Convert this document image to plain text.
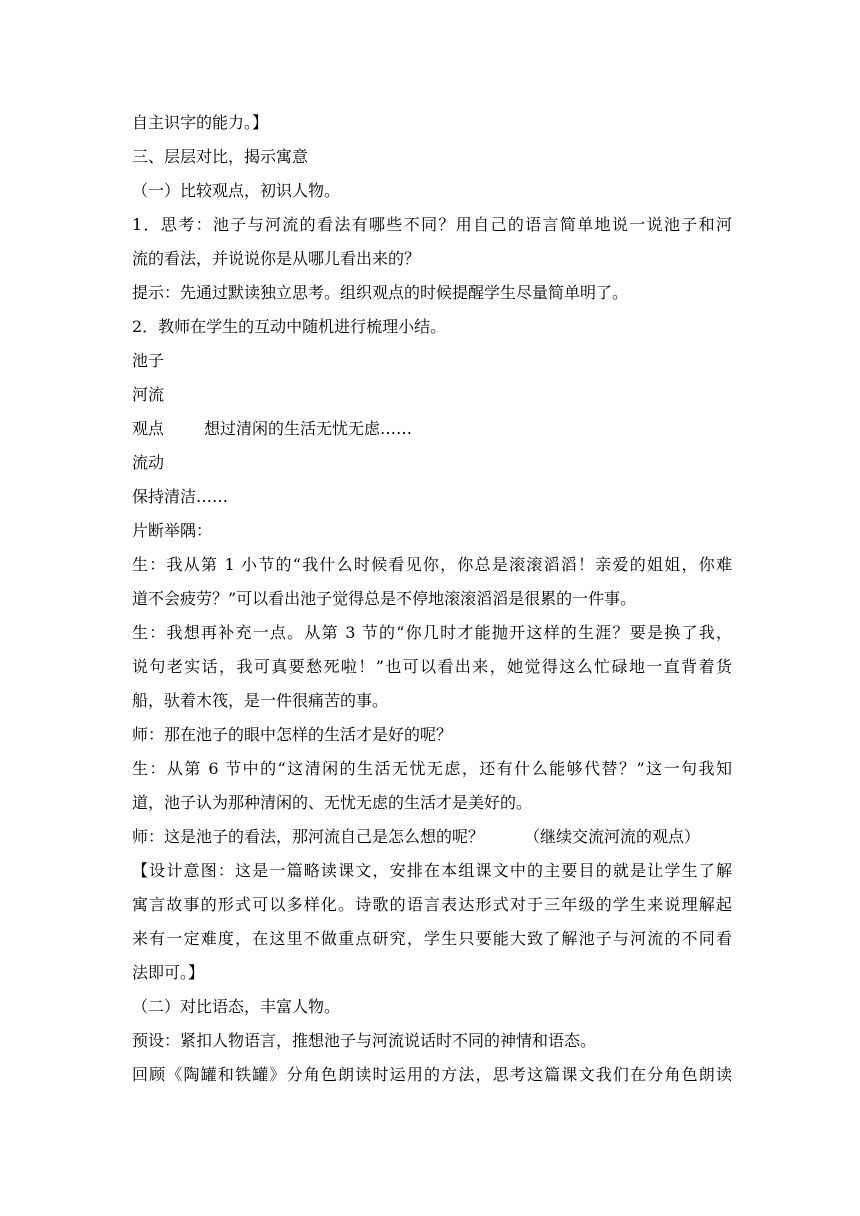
自主识字的能力。】
三、层层对比，揭示寓意
（一）比较观点，初识人物。
1．思考：池子与河流的看法有哪些不同？用自己的语言简单地说一说池子和河
流的看法，并说说你是从哪儿看出来的？
提示：先通过默读独立思考。组织观点的时候提醒学生尽量简单明了。
2．教师在学生的互动中随机进行梳理小结。
池子
河流
观点	想过清闲的生活无忧无虑……
流动
保持清洁……
片断举隅：
生：我从第 1 小节的“我什么时候看见你，你总是滚滚滔滔！亲爱的姐姐，你难
道不会疲劳？”可以看出池子觉得总是不停地滚滚滔滔是很累的一件事。
生：我想再补充一点。从第 3 节的“你几时才能抛开这样的生涯？要是换了我，
说句老实话，我可真要愁死啦！”也可以看出来，她觉得这么忙碌地一直背着货
船，驮着木筏，是一件很痛苦的事。
师：那在池子的眼中怎样的生活才是好的呢？
生：从第 6 节中的“这清闲的生活无忧无虑，还有什么能够代替？”这一句我知
道，池子认为那种清闲的、无忧无虑的生活才是美好的。
师：这是池子的看法，那河流自己是怎么想的呢？	（继续交流河流的观点）
【设计意图：这是一篇略读课文，安排在本组课文中的主要目的就是让学生了解
寓言故事的形式可以多样化。诗歌的语言表达形式对于三年级的学生来说理解起
来有一定难度，在这里不做重点研究，学生只要能大致了解池子与河流的不同看
法即可。】
（二）对比语态，丰富人物。
预设：紧扣人物语言，推想池子与河流说话时不同的神情和语态。
回顾《陶罐和铁罐》分角色朗读时运用的方法，思考这篇课文我们在分角色朗读
